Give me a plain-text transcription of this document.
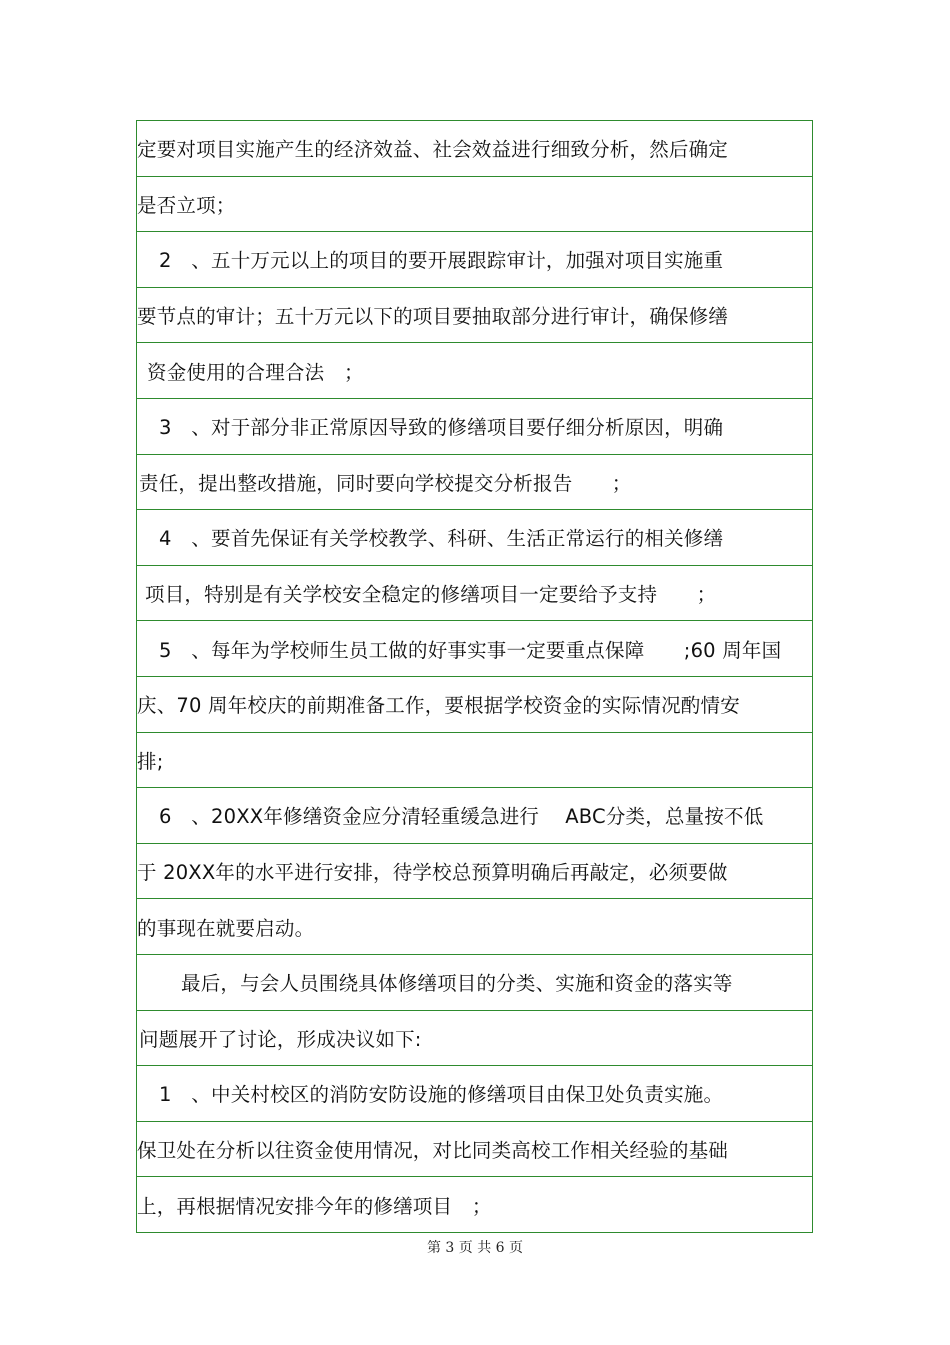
定要对项目实施产生的经济效益、社会效益进行细致分析，然后确定
是否立项；
2　、五十万元以上的项目的要开展跟踪审计，加强对项目实施重
要节点的审计；五十万元以下的项目要抽取部分进行审计，确保修缮
资金使用的合理合法　；
3　、对于部分非正常原因导致的修缮项目要仔细分析原因，明确
责任，提出整改措施，同时要向学校提交分析报告　　；
4　、要首先保证有关学校教学、科研、生活正常运行的相关修缮
项目，特别是有关学校安全稳定的修缮项目一定要给予支持　　；
5　、每年为学校师生员工做的好事实事一定要重点保障　　;60 周年国
庆、70 周年校庆的前期准备工作，要根据学校资金的实际情况酌情安
排;
6　、20XX年修缮资金应分清轻重缓急进行　 ABC分类，总量按不低
于 20XX年的水平进行安排，待学校总预算明确后再敲定，必须要做
的事现在就要启动。
最后，与会人员围绕具体修缮项目的分类、实施和资金的落实等
问题展开了讨论，形成决议如下:
1　、中关村校区的消防安防设施的修缮项目由保卫处负责实施。
保卫处在分析以往资金使用情况，对比同类高校工作相关经验的基础
上，再根据情况安排今年的修缮项目　；
第 3 页 共 6 页
